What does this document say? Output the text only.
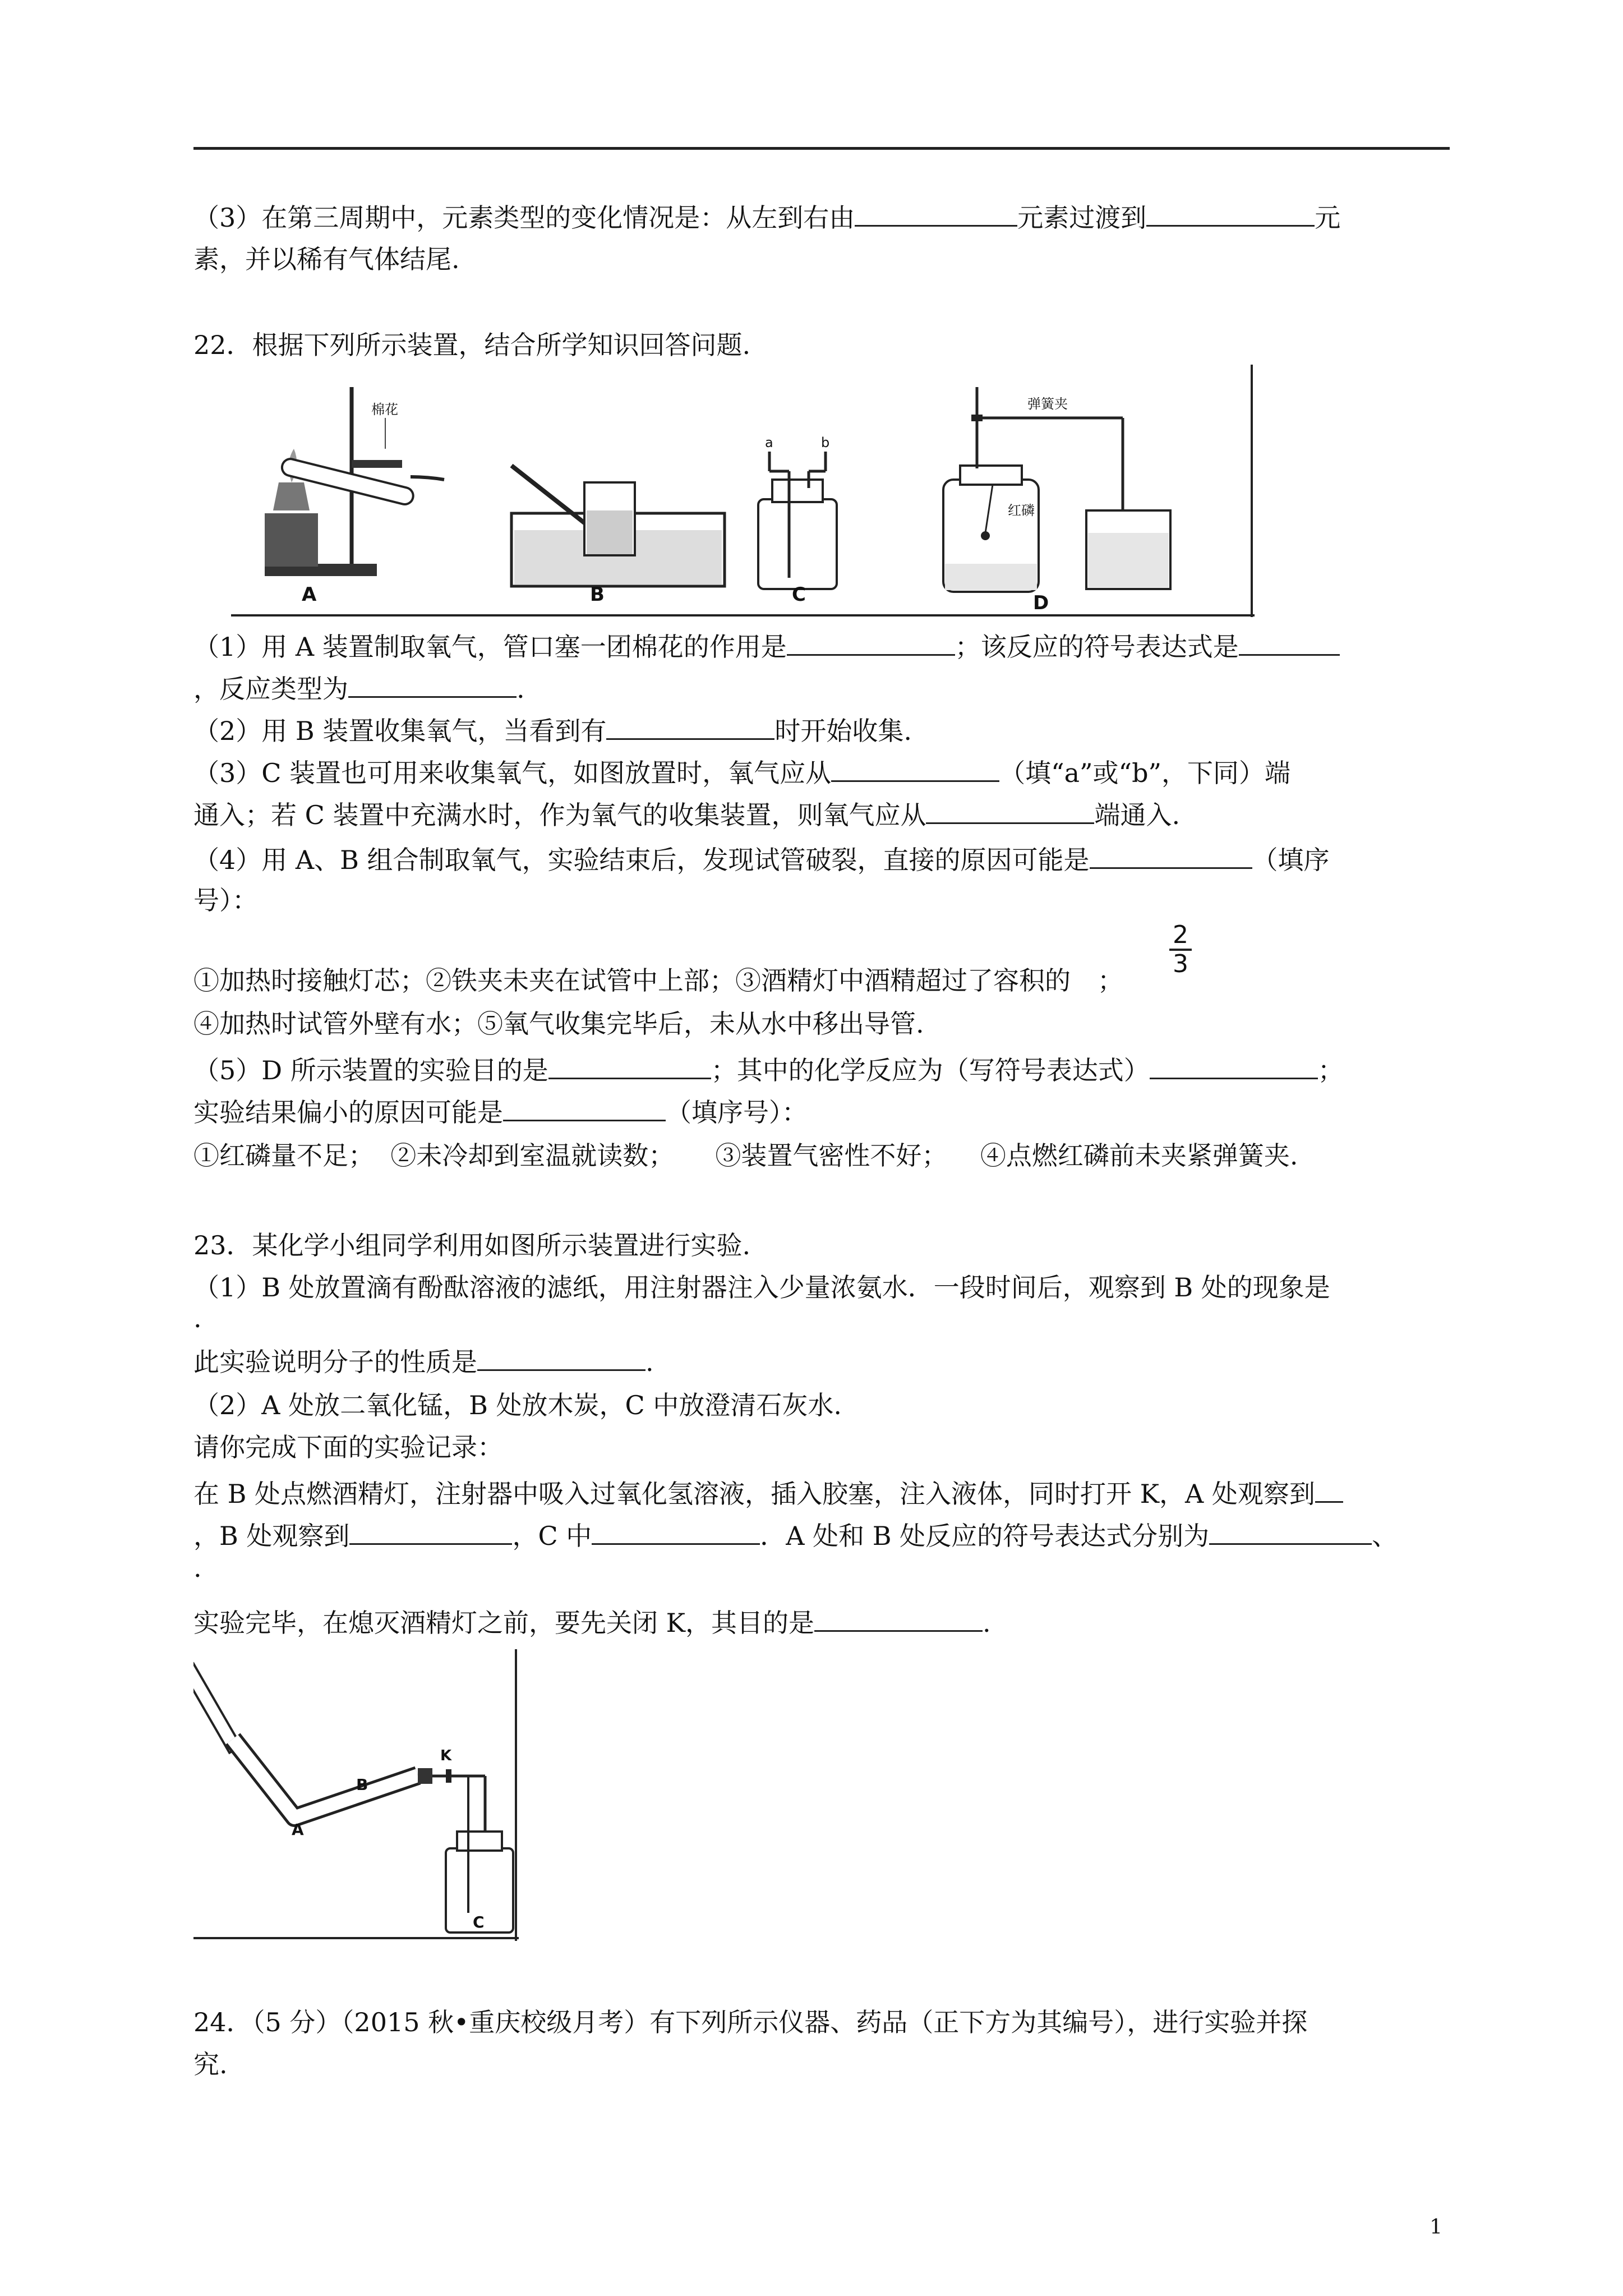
（3）在第三周期中，元素类型的变化情况是：从左到右由	元素过渡到	元
素，并以稀有气体结尾.
22．根据下列所示装置，结合所学知识回答问题.
A	B	C	D
棉花
a	b
弹簧夹
红磷
（1）用 A 装置制取氧气，管口塞一团棉花的作用是	；该反应的符号表达式是
，反应类型为	.
（2）用 B 装置收集氧气，当看到有	时开始收集.
（3）C 装置也可用来收集氧气，如图放置时，氧气应从	（填“a”或“b”，下同）端
通入；若 C 装置中充满水时，作为氧气的收集装置，则氧气应从	端通入.
（4）用 A、B 组合制取氧气，实验结束后，发现试管破裂，直接的原因可能是	（填序
号）：
2
3
①加热时接触灯芯；②铁夹未夹在试管中上部；③酒精灯中酒精超过了容积的 ；
④加热时试管外壁有水；⑤氧气收集完毕后，未从水中移出导管.
（5）D 所示装置的实验目的是	；其中的化学反应为（写符号表达式）	；
实验结果偏小的原因可能是	（填序号）：
①红磷量不足；  ②未冷却到室温就读数；     ③装置气密性不好；    ④点燃红磷前未夹紧弹簧夹.
23．某化学小组同学利用如图所示装置进行实验.
（1）B 处放置滴有酚酞溶液的滤纸，用注射器注入少量浓氨水．一段时间后，观察到 B 处的现象是
.
此实验说明分子的性质是	.
（2）A 处放二氧化锰，B 处放木炭，C 中放澄清石灰水.
请你完成下面的实验记录：
在 B 处点燃酒精灯，注射器中吸入过氧化氢溶液，插入胶塞，注入液体，同时打开 K，A 处观察到
，B 处观察到	，C 中	．A 处和 B 处反应的符号表达式分别为	、
.
实验完毕，在熄灭酒精灯之前，要先关闭 K，其目的是	.
K
B
A
C
24．（5 分）（2015 秋•重庆校级月考）有下列所示仪器、药品（正下方为其编号），进行实验并探
究.
1
